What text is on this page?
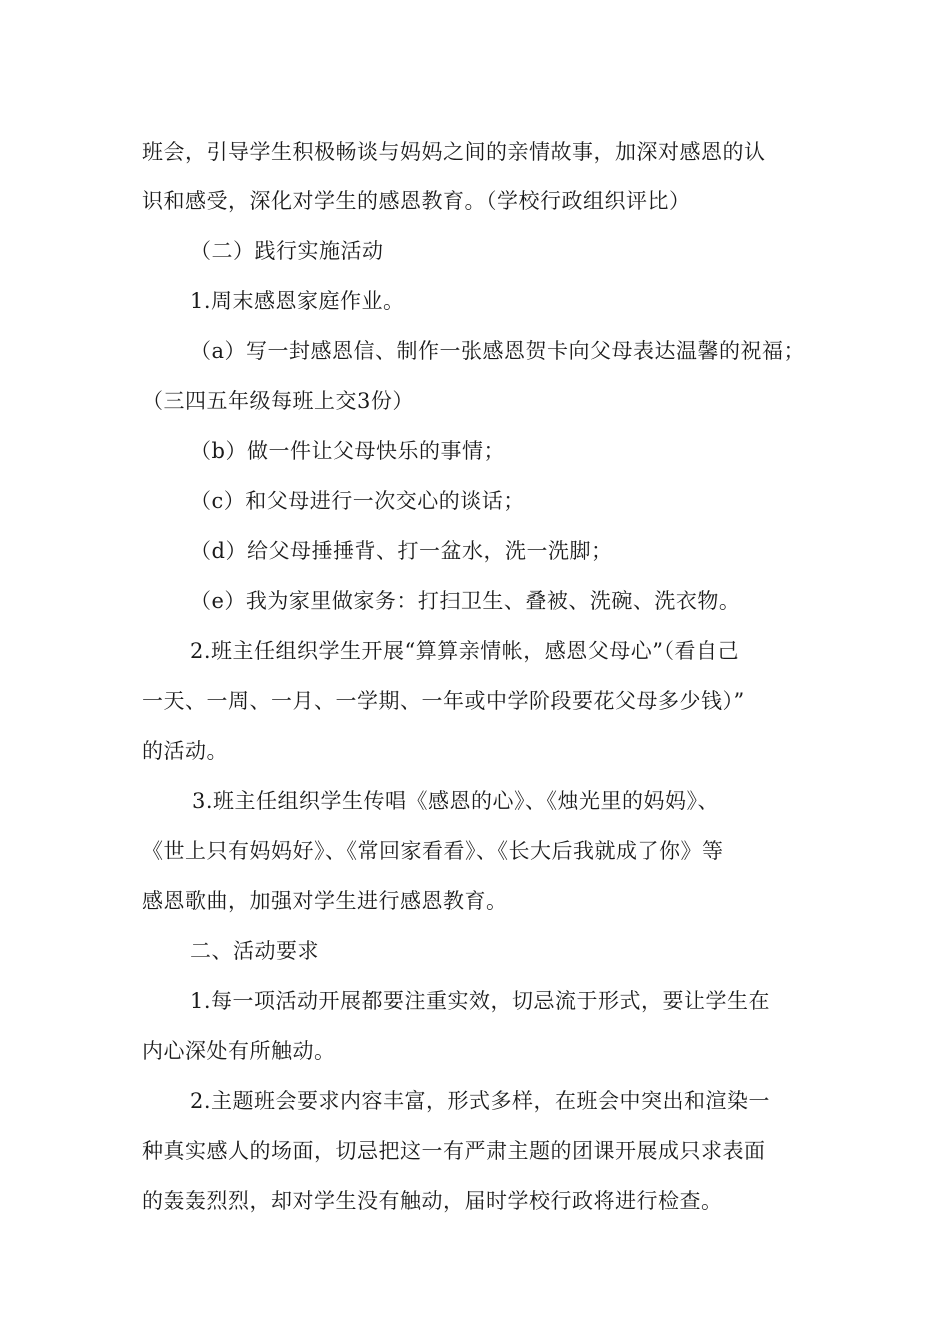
班会，引导学生积极畅谈与妈妈之间的亲情故事，加深对感恩的认
识和感受，深化对学生的感恩教育。（学校行政组织评比）
（二）践行实施活动
1.周末感恩家庭作业。
（a）写一封感恩信、制作一张感恩贺卡向父母表达温馨的祝福；
（三四五年级每班上交3份）
（b）做一件让父母快乐的事情；
（c）和父母进行一次交心的谈话；
（d）给父母捶捶背、打一盆水，洗一洗脚；
（e）我为家里做家务：打扫卫生、叠被、洗碗、洗衣物。
2.班主任组织学生开展“算算亲情帐，感恩父母心”（看自己
一天、一周、一月、一学期、一年或中学阶段要花父母多少钱）”
的活动。
3.班主任组织学生传唱《感恩的心》、《烛光里的妈妈》、
《世上只有妈妈好》、《常回家看看》、《长大后我就成了你》等
感恩歌曲，加强对学生进行感恩教育。
二、活动要求
1.每一项活动开展都要注重实效，切忌流于形式，要让学生在
内心深处有所触动。
2.主题班会要求内容丰富，形式多样，在班会中突出和渲染一
种真实感人的场面，切忌把这一有严肃主题的团课开展成只求表面
的轰轰烈烈，却对学生没有触动，届时学校行政将进行检查。
